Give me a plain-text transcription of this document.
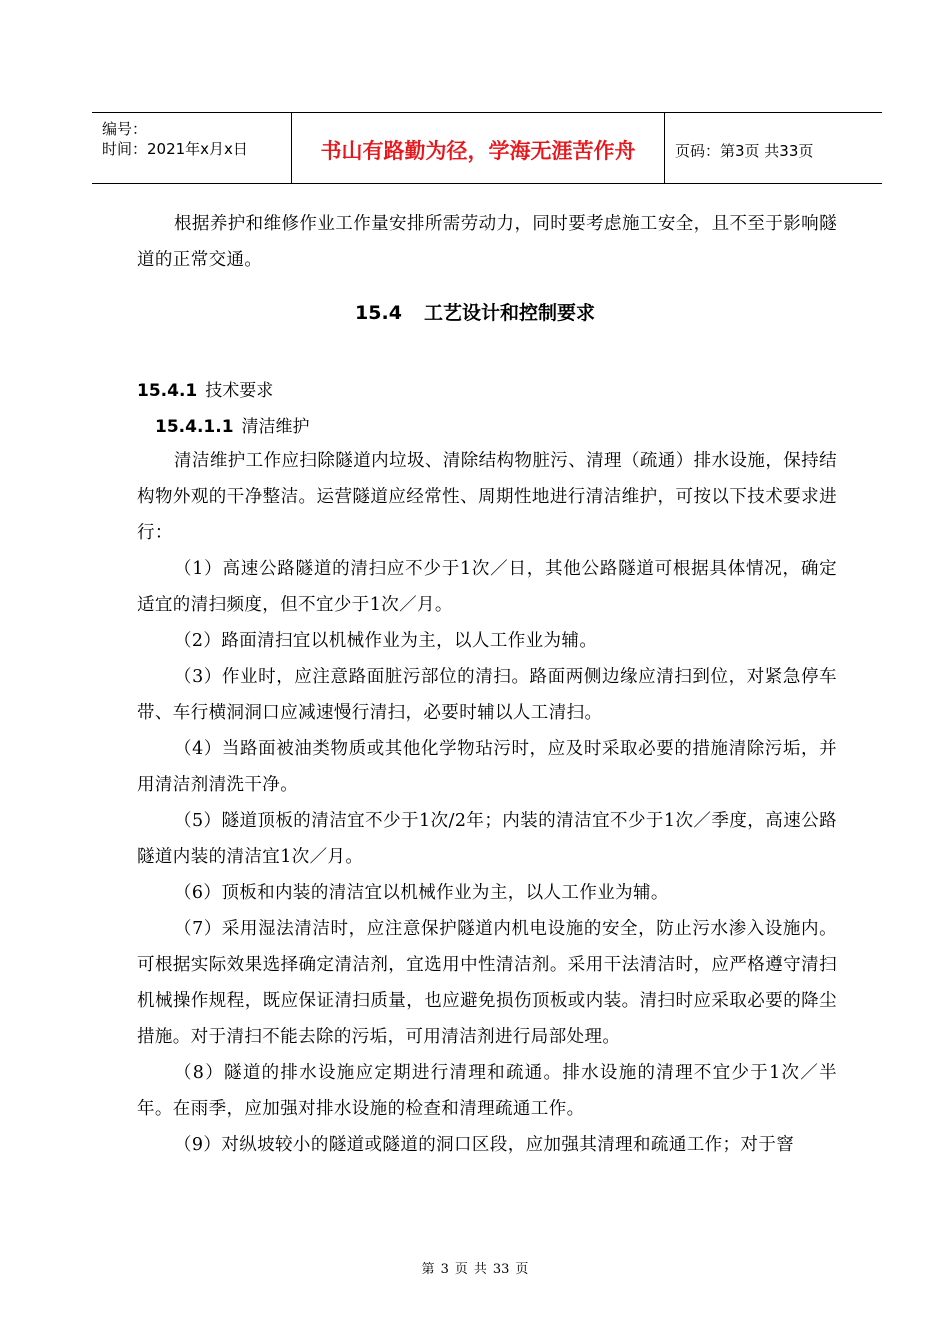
编号：
时间：2021年x月x日	书山有路勤为径，学海无涯苦作舟	页码：第3页 共33页

根据养护和维修作业工作量安排所需劳动力，同时要考虑施工安全，且不至于影响隧道的正常交通。

15.4 工艺设计和控制要求
15.4.1 技术要求
15.4.1.1 清洁维护

清洁维护工作应扫除隧道内垃圾、清除结构物脏污、清理（疏通）排水设施，保持结构物外观的干净整洁。运营隧道应经常性、周期性地进行清洁维护，可按以下技术要求进行：

（1）高速公路隧道的清扫应不少于1次／日，其他公路隧道可根据具体情况，确定适宜的清扫频度，但不宜少于1次／月。

（2）路面清扫宜以机械作业为主，以人工作业为辅。

（3）作业时，应注意路面脏污部位的清扫。路面两侧边缘应清扫到位，对紧急停车带、车行横洞洞口应减速慢行清扫，必要时辅以人工清扫。

（4）当路面被油类物质或其他化学物玷污时，应及时采取必要的措施清除污垢，并用清洁剂清洗干净。

（5）隧道顶板的清洁宜不少于1次/2年；内装的清洁宜不少于1次／季度，高速公路隧道内装的清洁宜1次／月。

（6）顶板和内装的清洁宜以机械作业为主，以人工作业为辅。

（7）采用湿法清洁时，应注意保护隧道内机电设施的安全，防止污水渗入设施内。可根据实际效果选择确定清洁剂，宜选用中性清洁剂。采用干法清洁时，应严格遵守清扫机械操作规程，既应保证清扫质量，也应避免损伤顶板或内装。清扫时应采取必要的降尘措施。对于清扫不能去除的污垢，可用清洁剂进行局部处理。

（8）隧道的排水设施应定期进行清理和疏通。排水设施的清理不宜少于1次／半年。在雨季，应加强对排水设施的检查和清理疏通工作。

（9）对纵坡较小的隧道或隧道的洞口区段，应加强其清理和疏通工作；对于窨

第 3 页 共 33 页
